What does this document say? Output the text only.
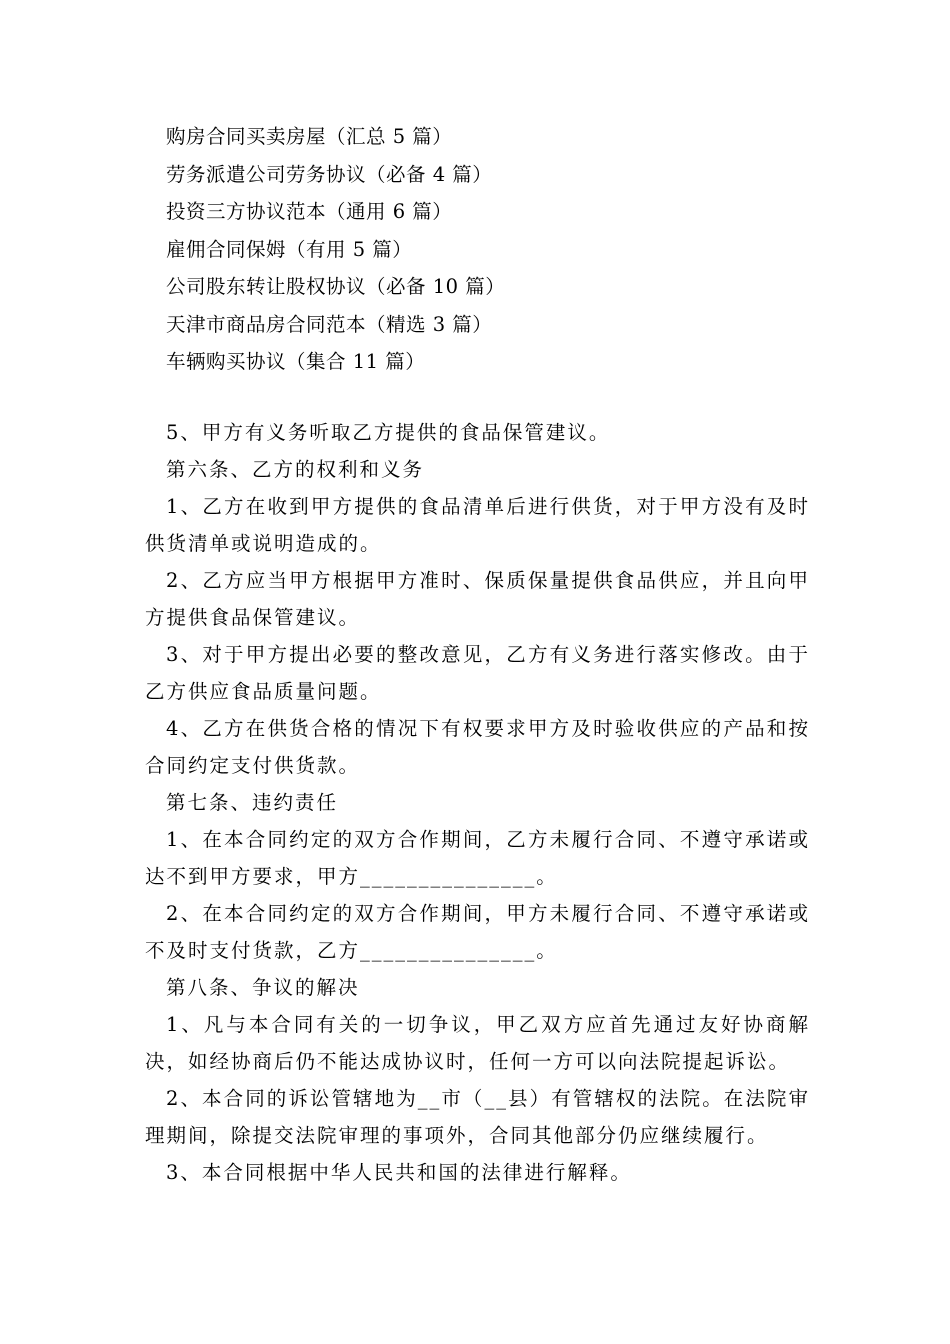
购房合同买卖房屋（汇总 5 篇）
劳务派遣公司劳务协议（必备 4 篇）
投资三方协议范本（通用 6 篇）
雇佣合同保姆（有用 5 篇）
公司股东转让股权协议（必备 10 篇）
天津市商品房合同范本（精选 3 篇）
车辆购买协议（集合 11 篇）

5、甲方有义务听取乙方提供的食品保管建议。

第六条、乙方的权利和义务

1、乙方在收到甲方提供的食品清单后进行供货，对于甲方没有及时供货清单或说明造成的。

2、乙方应当甲方根据甲方准时、保质保量提供食品供应，并且向甲方提供食品保管建议。

3、对于甲方提出必要的整改意见，乙方有义务进行落实修改。由于乙方供应食品质量问题。

4、乙方在供货合格的情况下有权要求甲方及时验收供应的产品和按合同约定支付供货款。

第七条、违约责任

1、在本合同约定的双方合作期间，乙方未履行合同、不遵守承诺或达不到甲方要求，甲方_______________。

2、在本合同约定的双方合作期间，甲方未履行合同、不遵守承诺或不及时支付货款，乙方_______________。

第八条、争议的解决

1、凡与本合同有关的一切争议，甲乙双方应首先通过友好协商解决，如经协商后仍不能达成协议时，任何一方可以向法院提起诉讼。

2、本合同的诉讼管辖地为__市（__县）有管辖权的法院。在法院审理期间，除提交法院审理的事项外，合同其他部分仍应继续履行。

3、本合同根据中华人民共和国的法律进行解释。
